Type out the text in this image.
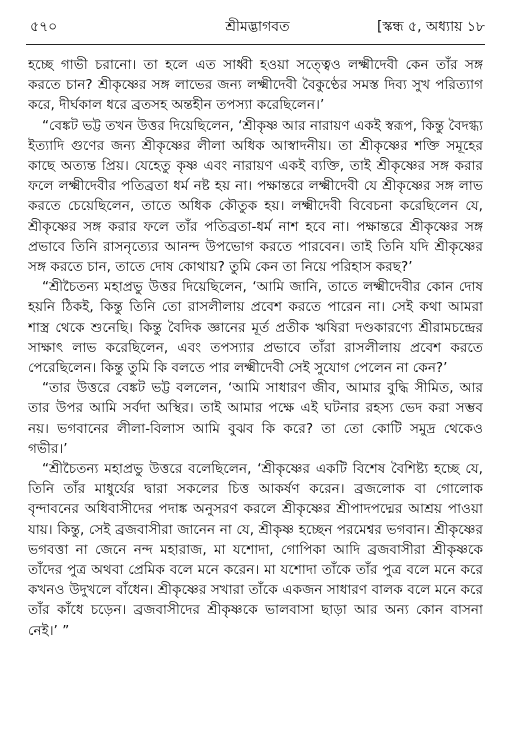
৫৭০	শ্রীমদ্ভাগবত	[স্কন্ধ ৫, অধ্যায় ১৮

হচ্ছে গাভী চরানো। তা হলে এত সাধ্বী হওয়া সত্ত্বেও লক্ষ্মীদেবী কেন তাঁর সঙ্গ করতে চান? শ্রীকৃষ্ণের সঙ্গ লাভের জন্য লক্ষ্মীদেবী বৈকুণ্ঠের সমস্ত দিব্য সুখ পরিত্যাগ করে, দীর্ঘকাল ধরে ব্রতসহ অন্তহীন তপস্যা করেছিলেন।’

“বেঙ্কট ভট্ট তখন উত্তর দিয়েছিলেন, ‘শ্রীকৃষ্ণ আর নারায়ণ একই স্বরূপ, কিন্তু বৈদগ্ধ্য ইত্যাদি গুণের জন্য শ্রীকৃষ্ণের লীলা অধিক আস্বাদনীয়। তা শ্রীকৃষ্ণের শক্তি সমূহের কাছে অত্যন্ত প্রিয়। যেহেতু কৃষ্ণ এবং নারায়ণ একই ব্যক্তি, তাই শ্রীকৃষ্ণের সঙ্গ করার ফলে লক্ষ্মীদেবীর পতিব্রতা ধর্ম নষ্ট হয় না। পক্ষান্তরে লক্ষ্মীদেবী যে শ্রীকৃষ্ণের সঙ্গ লাভ করতে চেয়েছিলেন, তাতে অধিক কৌতুক হয়। লক্ষ্মীদেবী বিবেচনা করেছিলেন যে, শ্রীকৃষ্ণের সঙ্গ করার ফলে তাঁর পতিব্রতা-ধর্ম নাশ হবে না। পক্ষান্তরে শ্রীকৃষ্ণের সঙ্গ প্রভাবে তিনি রাসনৃত্যের আনন্দ উপভোগ করতে পারবেন। তাই তিনি যদি শ্রীকৃষ্ণের সঙ্গ করতে চান, তাতে দোষ কোথায়? তুমি কেন তা নিয়ে পরিহাস করছ?’

“শ্রীচৈতন্য মহাপ্রভু উত্তর দিয়েছিলেন, ‘আমি জানি, তাতে লক্ষ্মীদেবীর কোন দোষ হয়নি ঠিকই, কিন্তু তিনি তো রাসলীলায় প্রবেশ করতে পারেন না। সেই কথা আমরা শাস্ত্র থেকে শুনেছি। কিন্তু বৈদিক জ্ঞানের মূর্ত প্রতীক ঋষিরা দণ্ডকারণ্যে শ্রীরামচন্দ্রের সাক্ষাৎ লাভ করেছিলেন, এবং তপস্যার প্রভাবে তাঁরা রাসলীলায় প্রবেশ করতে পেরেছিলেন। কিন্তু তুমি কি বলতে পার লক্ষ্মীদেবী সেই সুযোগ পেলেন না কেন?’

“তার উত্তরে বেঙ্কট ভট্ট বললেন, ‘আমি সাধারণ জীব, আমার বুদ্ধি সীমিত, আর তার উপর আমি সর্বদা অস্থির। তাই আমার পক্ষে এই ঘটনার রহস্য ভেদ করা সম্ভব নয়। ভগবানের লীলা-বিলাস আমি বুঝব কি করে? তা তো কোটি সমুদ্র থেকেও গভীর।’

“শ্রীচৈতন্য মহাপ্রভু উত্তরে বলেছিলেন, ‘শ্রীকৃষ্ণের একটি বিশেষ বৈশিষ্ট্য হচ্ছে যে, তিনি তাঁর মাধুর্যের দ্বারা সকলের চিত্ত আকর্ষণ করেন। ব্রজলোক বা গোলোক বৃন্দাবনের অধিবাসীদের পদাঙ্ক অনুসরণ করলে শ্রীকৃষ্ণের শ্রীপাদপদ্মের আশ্রয় পাওয়া যায়। কিন্তু, সেই ব্রজবাসীরা জানেন না যে, শ্রীকৃষ্ণ হচ্ছেন পরমেশ্বর ভগবান। শ্রীকৃষ্ণের ভগবত্তা না জেনে নন্দ মহারাজ, মা যশোদা, গোপিকা আদি ব্রজবাসীরা শ্রীকৃষ্ণকে তাঁদের পুত্র অথবা প্রেমিক বলে মনে করেন। মা যশোদা তাঁকে তাঁর পুত্র বলে মনে করে কখনও উদুখলে বাঁধেন। শ্রীকৃষ্ণের সখারা তাঁকে একজন সাধারণ বালক বলে মনে করে তাঁর কাঁধে চড়েন। ব্রজবাসীদের শ্রীকৃষ্ণকে ভালবাসা ছাড়া আর অন্য কোন বাসনা নেই।’ ”
